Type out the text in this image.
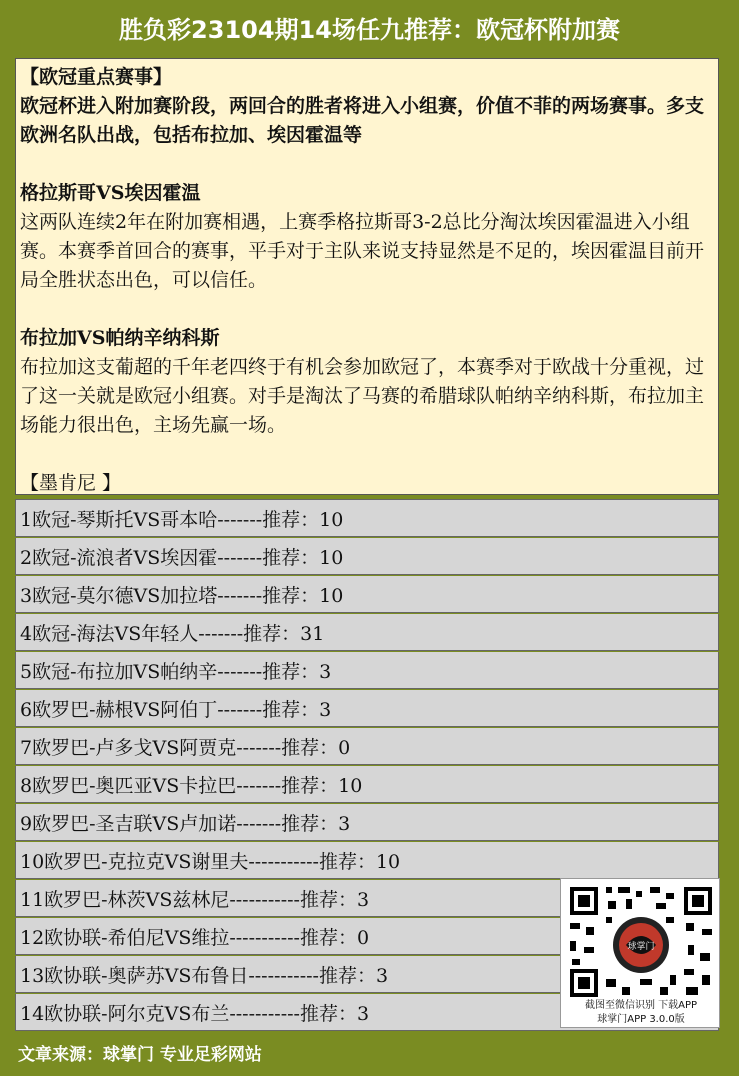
胜负彩23104期14场任九推荐：欧冠杯附加赛

【欧冠重点赛事】

欧冠杯进入附加赛阶段，两回合的胜者将进入小组赛，价值不菲的两场赛事。多支欧洲名队出战，包括布拉加、埃因霍温等

格拉斯哥VS埃因霍温

这两队连续2年在附加赛相遇，上赛季格拉斯哥3-2总比分淘汰埃因霍温进入小组赛。本赛季首回合的赛事，平手对于主队来说支持显然是不足的，埃因霍温目前开局全胜状态出色，可以信任。

布拉加VS帕纳辛纳科斯

布拉加这支葡超的千年老四终于有机会参加欧冠了，本赛季对于欧战十分重视，过了这一关就是欧冠小组赛。对手是淘汰了马赛的希腊球队帕纳辛纳科斯，布拉加主场能力很出色，主场先赢一场。

【墨肯尼 】

1欧冠-琴斯托VS哥本哈-------推荐：10
2欧冠-流浪者VS埃因霍-------推荐：10
3欧冠-莫尔德VS加拉塔-------推荐：10
4欧冠-海法VS年轻人-------推荐：31
5欧冠-布拉加VS帕纳辛-------推荐：3
6欧罗巴-赫根VS阿伯丁-------推荐：3
7欧罗巴-卢多戈VS阿贾克-------推荐：0
8欧罗巴-奥匹亚VS卡拉巴-------推荐：10
9欧罗巴-圣吉联VS卢加诺-------推荐：3
10欧罗巴-克拉克VS谢里夫-----------推荐：10
11欧罗巴-林茨VS兹林尼-----------推荐：3
12欧协联-希伯尼VS维拉-----------推荐：0
13欧协联-奥萨苏VS布鲁日-----------推荐：3
14欧协联-阿尔克VS布兰-----------推荐：3
球掌门
截图至微信识别 下载APP
球掌门APP 3.0.0版
文章来源：球掌门 专业足彩网站
